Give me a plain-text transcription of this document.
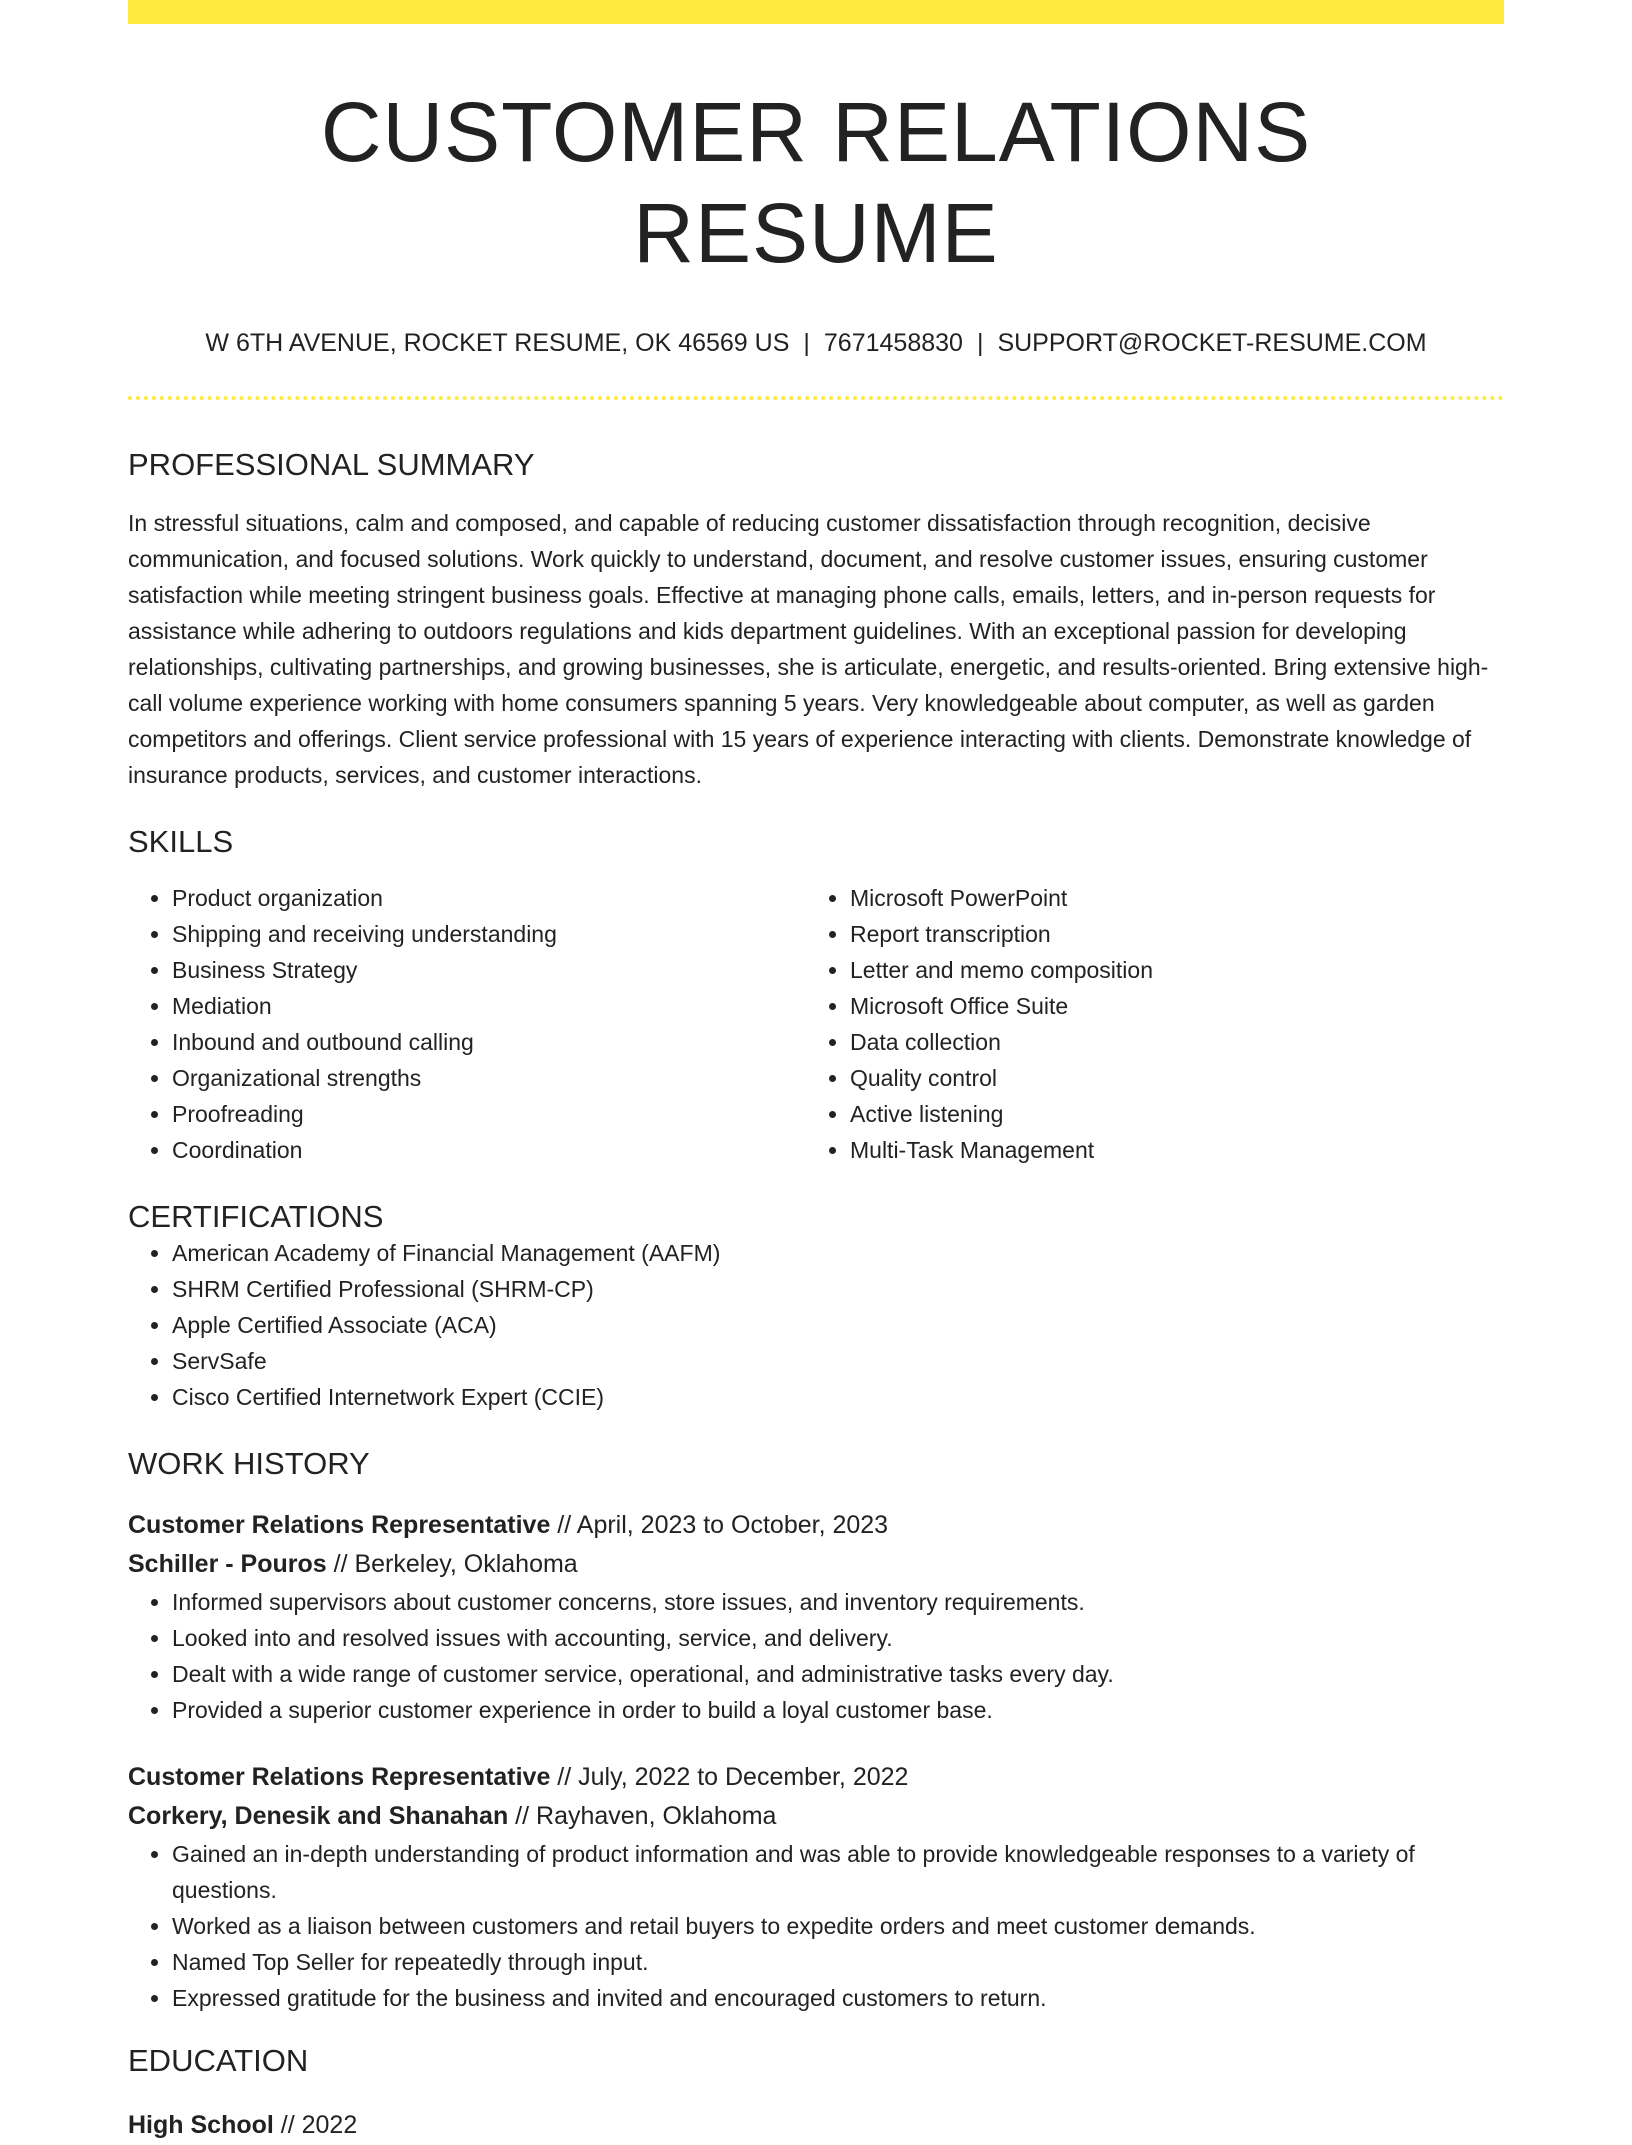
CUSTOMER RELATIONS RESUME
W 6TH AVENUE, ROCKET RESUME, OK 46569 US | 7671458830 | SUPPORT@ROCKET-RESUME.COM
PROFESSIONAL SUMMARY

In stressful situations, calm and composed, and capable of reducing customer dissatisfaction through recognition, decisive communication, and focused solutions. Work quickly to understand, document, and resolve customer issues, ensuring customer satisfaction while meeting stringent business goals. Effective at managing phone calls, emails, letters, and in-person requests for assistance while adhering to outdoors regulations and kids department guidelines. With an exceptional passion for developing relationships, cultivating partnerships, and growing businesses, she is articulate, energetic, and results-oriented. Bring extensive high-call volume experience working with home consumers spanning 5 years. Very knowledgeable about computer, as well as garden competitors and offerings. Client service professional with 15 years of experience interacting with clients. Demonstrate knowledge of insurance products, services, and customer interactions.

SKILLS
• Product organization
• Shipping and receiving understanding
• Business Strategy
• Mediation
• Inbound and outbound calling
• Organizational strengths
• Proofreading
• Coordination
• Microsoft PowerPoint
• Report transcription
• Letter and memo composition
• Microsoft Office Suite
• Data collection
• Quality control
• Active listening
• Multi-Task Management
CERTIFICATIONS
• American Academy of Financial Management (AAFM)
• SHRM Certified Professional (SHRM-CP)
• Apple Certified Associate (ACA)
• ServSafe
• Cisco Certified Internetwork Expert (CCIE)
WORK HISTORY
Customer Relations Representative // April, 2023 to October, 2023
Schiller - Pouros // Berkeley, Oklahoma
• Informed supervisors about customer concerns, store issues, and inventory requirements.
• Looked into and resolved issues with accounting, service, and delivery.
• Dealt with a wide range of customer service, operational, and administrative tasks every day.
• Provided a superior customer experience in order to build a loyal customer base.
Customer Relations Representative // July, 2022 to December, 2022
Corkery, Denesik and Shanahan // Rayhaven, Oklahoma
• Gained an in-depth understanding of product information and was able to provide knowledgeable responses to a variety of questions.
• Worked as a liaison between customers and retail buyers to expedite orders and meet customer demands.
• Named Top Seller for repeatedly through input.
• Expressed gratitude for the business and invited and encouraged customers to return.
EDUCATION
High School // 2022
